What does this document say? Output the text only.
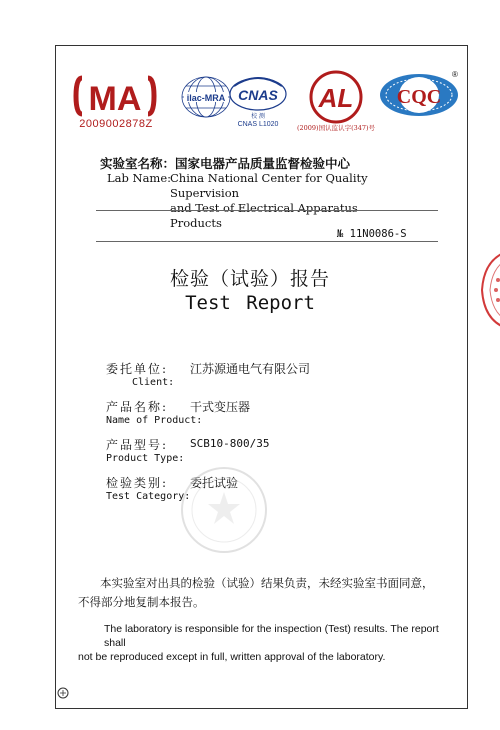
MA
2009002878Z
ilac-MRA CNAS
校 测
CNAS L1020
AL
(2009)国认监认字(347)号
CQC
®
实验室名称：国家电器产品质量监督检验中心
Lab Name:
China National Center for Quality Supervision
and Test of Electrical Apparatus Products
№ 11N0086-S
检验（试验）报告
Test Report
委托单位: 江苏源通电气有限公司
Client:
产品名称: 干式变压器
Name of Product:
产品型号: SCB10-800/35
Product Type:
检验类别: 委托试验
Test Category:
本实验室对出具的检验（试验）结果负责，未经实验室书面同意，
不得部分地复制本报告。
The laboratory is responsible for the inspection (Test) results. The report shall
not be reproduced except in full, written approval of the laboratory.
